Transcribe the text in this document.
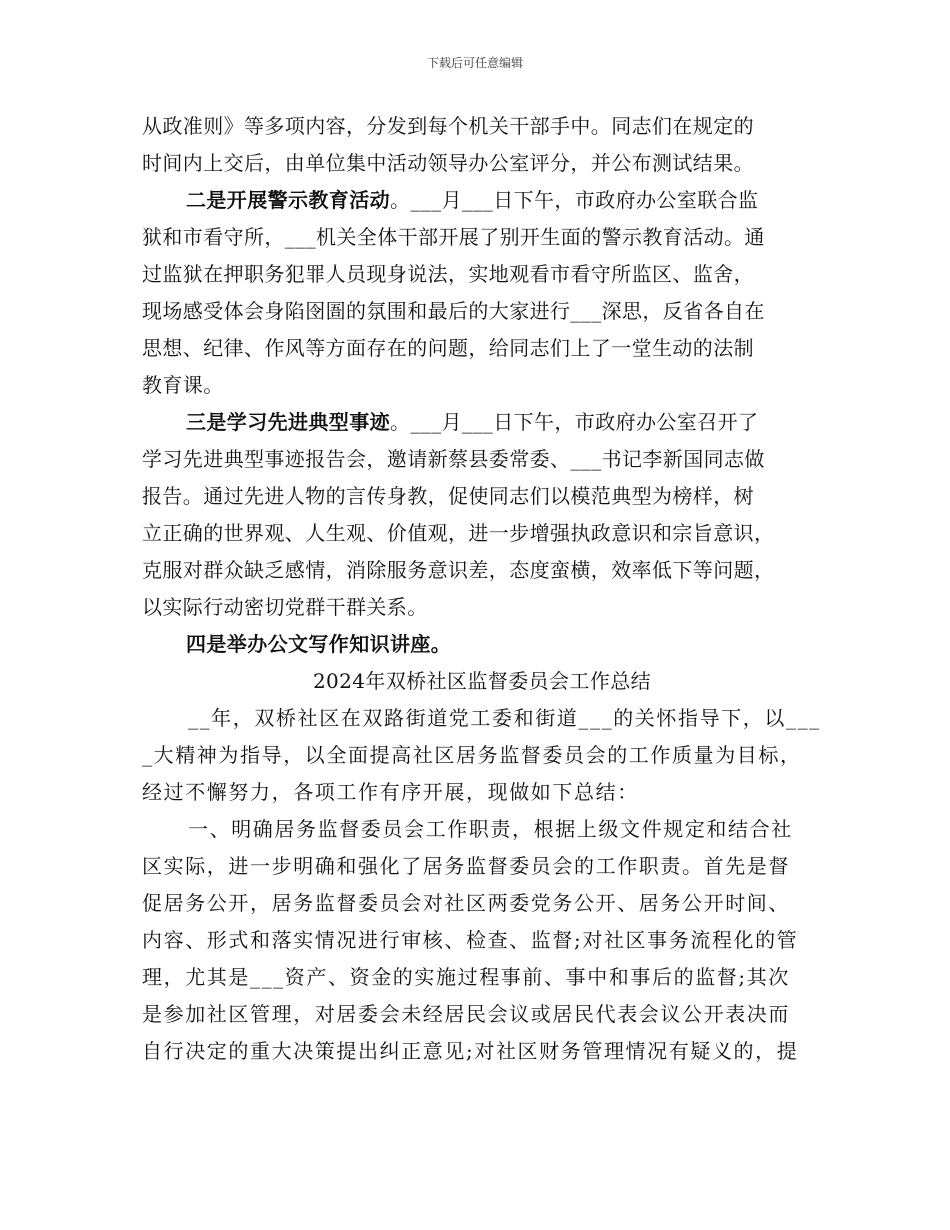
下载后可任意编辑
从政准则》等多项内容，分发到每个机关干部手中。同志们在规定的
时间内上交后，由单位集中活动领导办公室评分，并公布测试结果。
二是开展警示教育活动。___月___日下午，市政府办公室联合监
狱和市看守所，___机关全体干部开展了别开生面的警示教育活动。通
过监狱在押职务犯罪人员现身说法，实地观看市看守所监区、监舍，
现场感受体会身陷囹圄的氛围和最后的大家进行___深思，反省各自在
思想、纪律、作风等方面存在的问题，给同志们上了一堂生动的法制
教育课。
三是学习先进典型事迹。___月___日下午，市政府办公室召开了
学习先进典型事迹报告会，邀请新蔡县委常委、___书记李新国同志做
报告。通过先进人物的言传身教，促使同志们以模范典型为榜样，树
立正确的世界观、人生观、价值观，进一步增强执政意识和宗旨意识，
克服对群众缺乏感情，消除服务意识差，态度蛮横，效率低下等问题，
以实际行动密切党群干群关系。
四是举办公文写作知识讲座。
2024年双桥社区监督委员会工作总结
__年，双桥社区在双路街道党工委和街道___的关怀指导下，以___
_大精神为指导，以全面提高社区居务监督委员会的工作质量为目标，
经过不懈努力，各项工作有序开展，现做如下总结：
一、明确居务监督委员会工作职责，根据上级文件规定和结合社
区实际，进一步明确和强化了居务监督委员会的工作职责。首先是督
促居务公开，居务监督委员会对社区两委党务公开、居务公开时间、
内容、形式和落实情况进行审核、检查、监督;对社区事务流程化的管
理，尤其是___资产、资金的实施过程事前、事中和事后的监督;其次
是参加社区管理，对居委会未经居民会议或居民代表会议公开表决而
自行决定的重大决策提出纠正意见;对社区财务管理情况有疑义的，提
